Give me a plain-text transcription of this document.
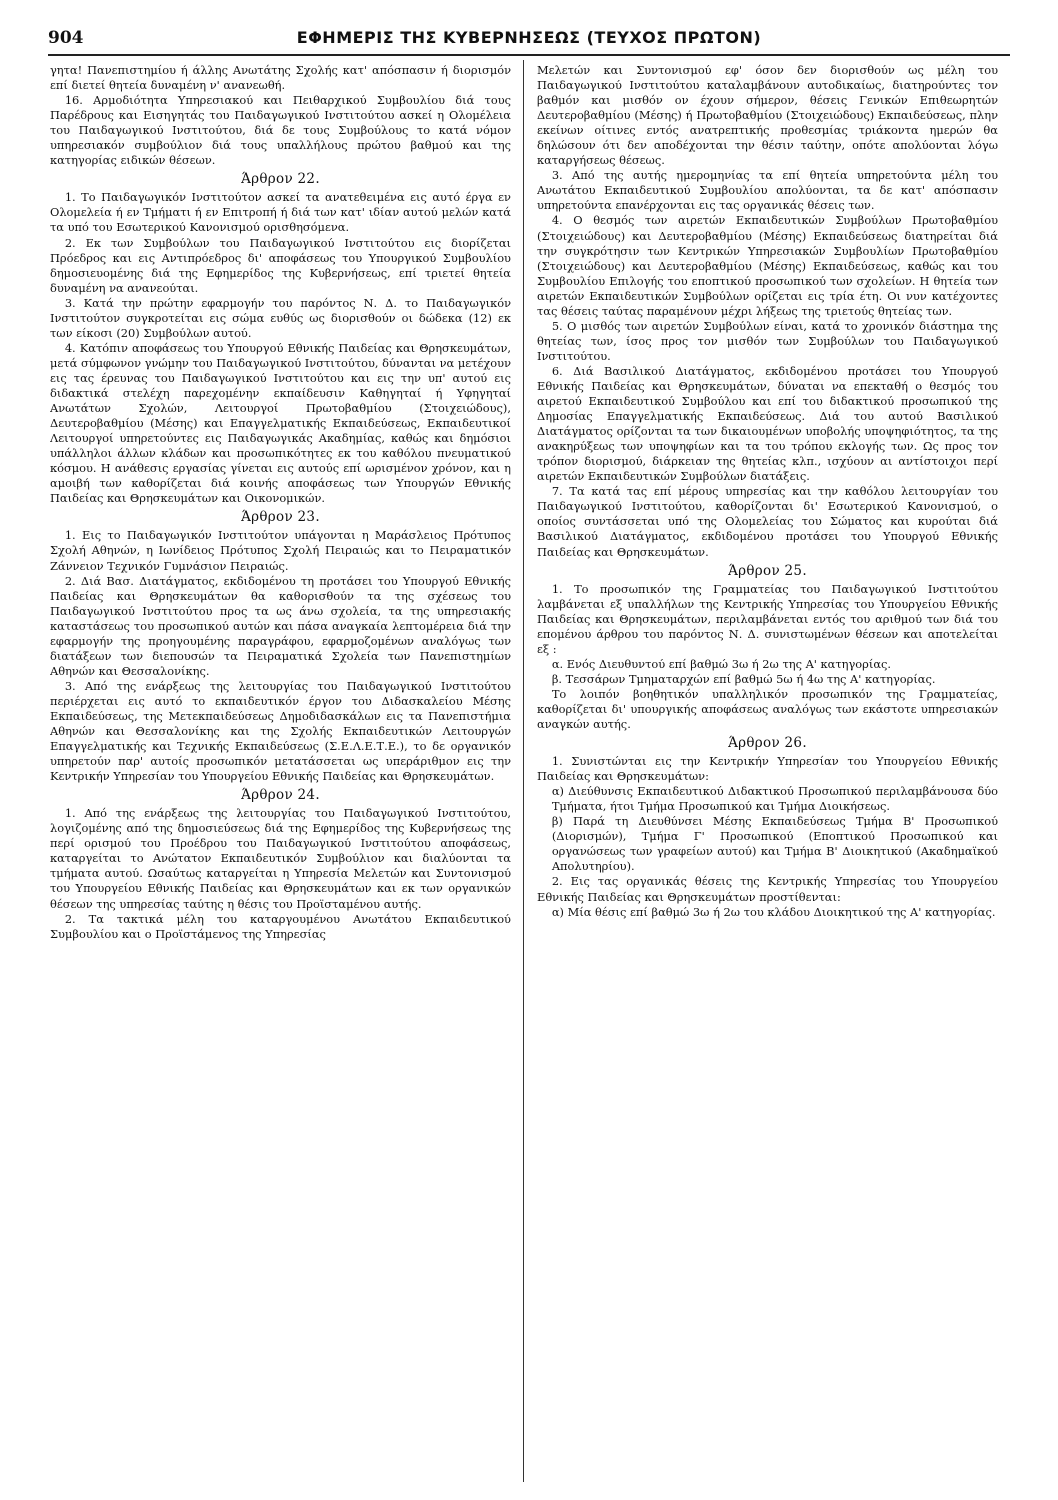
904	ΕΦΗΜΕΡΙΣ ΤΗΣ ΚΥΒΕΡΝΗΣΕΩΣ (ΤΕΥΧΟΣ ΠΡΩΤΟΝ)

γητα! Πανεπιστημίου ή άλλης Ανωτάτης Σχολής κατ' απόσπασιν ή διορισμόν επί διετεί θητεία δυναμένη ν' ανανεωθή.

16. Αρμοδιότητα Υπηρεσιακού και Πειθαρχικού Συμβουλίου διά τους Παρέδρους και Εισηγητάς του Παιδαγωγικού Ινστιτούτου ασκεί η Ολομέλεια του Παιδαγωγικού Ινστιτούτου, διά δε τους Συμβούλους το κατά νόμον υπηρεσιακόν συμβούλιον διά τους υπαλλήλους πρώτου βαθμού και της κατηγορίας ειδικών θέσεων.

Άρθρον 22.

1. Το Παιδαγωγικόν Ινστιτούτον ασκεί τα ανατεθειμένα εις αυτό έργα εν Ολομελεία ή εν Τμήματι ή εν Επιτροπή ή διά των κατ' ιδίαν αυτού μελών κατά τα υπό του Εσωτερικού Κανονισμού ορισθησόμενα.

2. Εκ των Συμβούλων του Παιδαγωγικού Ινστιτούτου εις διορίζεται Πρόεδρος και εις Αντιπρόεδρος δι' αποφάσεως του Υπουργικού Συμβουλίου δημοσιευομένης διά της Εφημερίδος της Κυβερνήσεως, επί τριετεί θητεία δυναμένη να ανανεούται.

3. Κατά την πρώτην εφαρμογήν του παρόντος Ν. Δ. το Παιδαγωγικόν Ινστιτούτον συγκροτείται εις σώμα ευθύς ως διορισθούν οι δώδεκα (12) εκ των είκοσι (20) Συμβούλων αυτού.

4. Κατόπιν αποφάσεως του Υπουργού Εθνικής Παιδείας και Θρησκευμάτων, μετά σύμφωνον γνώμην του Παιδαγωγικού Ινστιτούτου, δύνανται να μετέχουν εις τας έρευνας του Παιδαγωγικού Ινστιτούτου και εις την υπ' αυτού εις διδακτικά στελέχη παρεχομένην εκπαίδευσιν Καθηγηταί ή Υφηγηταί Ανωτάτων Σχολών, Λειτουργοί Πρωτοβαθμίου (Στοιχειώδους), Δευτεροβαθμίου (Μέσης) και Επαγγελματικής Εκπαιδεύσεως, Εκπαιδευτικοί Λειτουργοί υπηρετούντες εις Παιδαγωγικάς Ακαδημίας, καθώς και δημόσιοι υπάλληλοι άλλων κλάδων και προσωπικότητες εκ του καθόλου πνευματικού κόσμου. Η ανάθεσις εργασίας γίνεται εις αυτούς επί ωρισμένον χρόνον, και η αμοιβή των καθορίζεται διά κοινής αποφάσεως των Υπουργών Εθνικής Παιδείας και Θρησκευμάτων και Οικονομικών.

Άρθρον 23.

1. Εις το Παιδαγωγικόν Ινστιτούτον υπάγονται η Μαράσλειος Πρότυπος Σχολή Αθηνών, η Ιωνίδειος Πρότυπος Σχολή Πειραιώς και το Πειραματικόν Ζάννειον Τεχνικόν Γυμνάσιον Πειραιώς.

2. Διά Βασ. Διατάγματος, εκδιδομένου τη προτάσει του Υπουργού Εθνικής Παιδείας και Θρησκευμάτων θα καθορισθούν τα της σχέσεως του Παιδαγωγικού Ινστιτούτου προς τα ως άνω σχολεία, τα της υπηρεσιακής καταστάσεως του προσωπικού αυτών και πάσα αναγκαία λεπτομέρεια διά την εφαρμογήν της προηγουμένης παραγράφου, εφαρμοζομένων αναλόγως των διατάξεων των διεπουσών τα Πειραματικά Σχολεία των Πανεπιστημίων Αθηνών και Θεσσαλονίκης.

3. Από της ενάρξεως της λειτουργίας του Παιδαγωγικού Ινστιτούτου περιέρχεται εις αυτό το εκπαιδευτικόν έργον του Διδασκαλείου Μέσης Εκπαιδεύσεως, της Μετεκπαιδεύσεως Δημοδιδασκάλων εις τα Πανεπιστήμια Αθηνών και Θεσσαλονίκης και της Σχολής Εκπαιδευτικών Λειτουργών Επαγγελματικής και Τεχνικής Εκπαιδεύσεως (Σ.Ε.Λ.Ε.Τ.Ε.), το δε οργανικόν υπηρετούν παρ' αυτοίς προσωπικόν μετατάσσεται ως υπεράριθμον εις την Κεντρικήν Υπηρεσίαν του Υπουργείου Εθνικής Παιδείας και Θρησκευμάτων.

Άρθρον 24.

1. Από της ενάρξεως της λειτουργίας του Παιδαγωγικού Ινστιτούτου, λογιζομένης από της δημοσιεύσεως διά της Εφημερίδος της Κυβερνήσεως της περί ορισμού του Προέδρου του Παιδαγωγικού Ινστιτούτου αποφάσεως, καταργείται το Ανώτατον Εκπαιδευτικόν Συμβούλιον και διαλύονται τα τμήματα αυτού. Ωσαύτως καταργείται η Υπηρεσία Μελετών και Συντονισμού του Υπουργείου Εθνικής Παιδείας και Θρησκευμάτων και εκ των οργανικών θέσεων της υπηρεσίας ταύτης η θέσις του Προϊσταμένου αυτής.

2. Τα τακτικά μέλη του καταργουμένου Ανωτάτου Εκπαιδευτικού Συμβουλίου και ο Προϊστάμενος της Υπηρεσίας

Μελετών και Συντονισμού εφ' όσον δεν διορισθούν ως μέλη του Παιδαγωγικού Ινστιτούτου καταλαμβάνουν αυτοδικαίως, διατηρούντες τον βαθμόν και μισθόν ον έχουν σήμερον, θέσεις Γενικών Επιθεωρητών Δευτεροβαθμίου (Μέσης) ή Πρωτοβαθμίου (Στοιχειώδους) Εκπαιδεύσεως, πλην εκείνων οίτινες εντός ανατρεπτικής προθεσμίας τριάκοντα ημερών θα δηλώσουν ότι δεν αποδέχονται την θέσιν ταύτην, οπότε απολύονται λόγω καταργήσεως θέσεως.

3. Από της αυτής ημερομηνίας τα επί θητεία υπηρετούντα μέλη του Ανωτάτου Εκπαιδευτικού Συμβουλίου απολύονται, τα δε κατ' απόσπασιν υπηρετούντα επανέρχονται εις τας οργανικάς θέσεις των.

4. Ο θεσμός των αιρετών Εκπαιδευτικών Συμβούλων Πρωτοβαθμίου (Στοιχειώδους) και Δευτεροβαθμίου (Μέσης) Εκπαιδεύσεως διατηρείται διά την συγκρότησιν των Κεντρικών Υπηρεσιακών Συμβουλίων Πρωτοβαθμίου (Στοιχειώδους) και Δευτεροβαθμίου (Μέσης) Εκπαιδεύσεως, καθώς και του Συμβουλίου Επιλογής του εποπτικού προσωπικού των σχολείων. Η θητεία των αιρετών Εκπαιδευτικών Συμβούλων ορίζεται εις τρία έτη. Οι νυν κατέχοντες τας θέσεις ταύτας παραμένουν μέχρι λήξεως της τριετούς θητείας των.

5. Ο μισθός των αιρετών Συμβούλων είναι, κατά το χρονικόν διάστημα της θητείας των, ίσος προς τον μισθόν των Συμβούλων του Παιδαγωγικού Ινστιτούτου.

6. Διά Βασιλικού Διατάγματος, εκδιδομένου προτάσει του Υπουργού Εθνικής Παιδείας και Θρησκευμάτων, δύναται να επεκταθή ο θεσμός του αιρετού Εκπαιδευτικού Συμβούλου και επί του διδακτικού προσωπικού της Δημοσίας Επαγγελματικής Εκπαιδεύσεως. Διά του αυτού Βασιλικού Διατάγματος ορίζονται τα των δικαιουμένων υποβολής υποψηφιότητος, τα της ανακηρύξεως των υποψηφίων και τα του τρόπου εκλογής των. Ως προς τον τρόπον διορισμού, διάρκειαν της θητείας κλπ., ισχύουν αι αντίστοιχοι περί αιρετών Εκπαιδευτικών Συμβούλων διατάξεις.

7. Τα κατά τας επί μέρους υπηρεσίας και την καθόλου λειτουργίαν του Παιδαγωγικού Ινστιτούτου, καθορίζονται δι' Εσωτερικού Κανονισμού, ο οποίος συντάσσεται υπό της Ολομελείας του Σώματος και κυρούται διά Βασιλικού Διατάγματος, εκδιδομένου προτάσει του Υπουργού Εθνικής Παιδείας και Θρησκευμάτων.

Άρθρον 25.

1. Το προσωπικόν της Γραμματείας του Παιδαγωγικού Ινστιτούτου λαμβάνεται εξ υπαλλήλων της Κεντρικής Υπηρεσίας του Υπουργείου Εθνικής Παιδείας και Θρησκευμάτων, περιλαμβάνεται εντός του αριθμού των διά του επομένου άρθρου του παρόντος Ν. Δ. συνιστωμένων θέσεων και αποτελείται εξ :

α. Ενός Διευθυντού επί βαθμώ 3ω ή 2ω της Α' κατηγορίας.

β. Τεσσάρων Τμηματαρχών επί βαθμώ 5ω ή 4ω της Α' κατηγορίας.

Το λοιπόν βοηθητικόν υπαλληλικόν προσωπικόν της Γραμματείας, καθορίζεται δι' υπουργικής αποφάσεως αναλόγως των εκάστοτε υπηρεσιακών αναγκών αυτής.

Άρθρον 26.

1. Συνιστώνται εις την Κεντρικήν Υπηρεσίαν του Υπουργείου Εθνικής Παιδείας και Θρησκευμάτων:

α) Διεύθυνσις Εκπαιδευτικού Διδακτικού Προσωπικού περιλαμβάνουσα δύο Τμήματα, ήτοι Τμήμα Προσωπικού και Τμήμα Διοικήσεως.

β) Παρά τη Διευθύνσει Μέσης Εκπαιδεύσεως Τμήμα Β' Προσωπικού (Διορισμών), Τμήμα Γ' Προσωπικού (Εποπτικού Προσωπικού και οργανώσεως των γραφείων αυτού) και Τμήμα Β' Διοικητικού (Ακαδημαϊκού Απολυτηρίου).

2. Εις τας οργανικάς θέσεις της Κεντρικής Υπηρεσίας του Υπουργείου Εθνικής Παιδείας και Θρησκευμάτων προστίθενται:

α) Μία θέσις επί βαθμώ 3ω ή 2ω του κλάδου Διοικητικού της Α' κατηγορίας.
